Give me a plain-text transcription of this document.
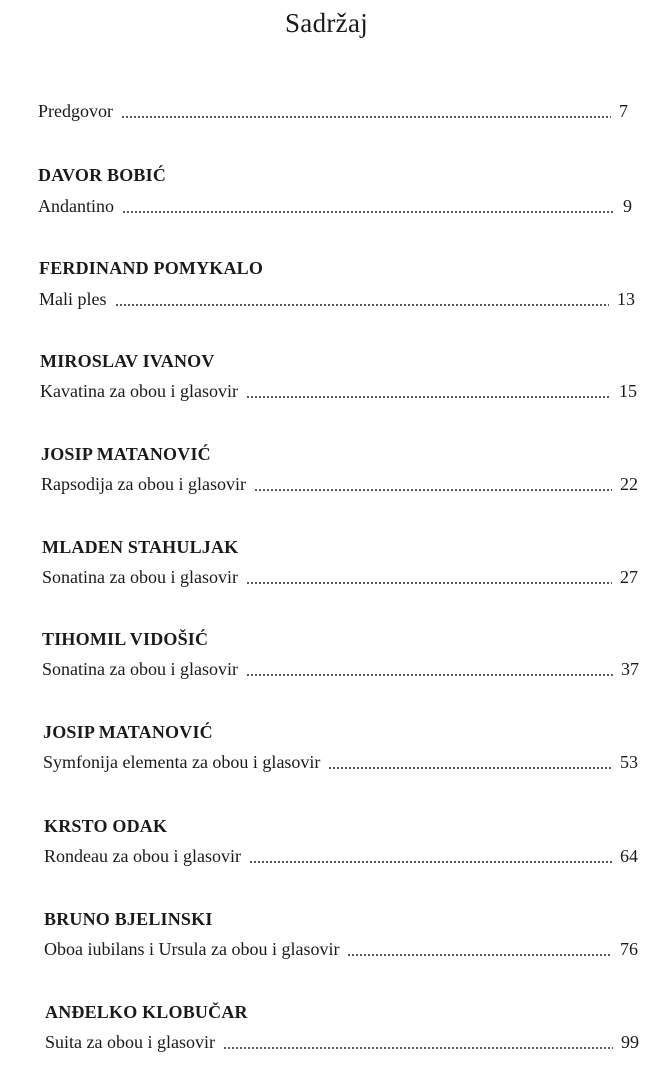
Sadržaj
Predgovor	7
DAVOR BOBIĆ
Andantino	9
FERDINAND POMYKALO
Mali ples	13
MIROSLAV IVANOV
Kavatina za obou i glasovir	15
JOSIP MATANOVIĆ
Rapsodija za obou i glasovir	22
MLADEN STAHULJAK
Sonatina za obou i glasovir	27
TIHOMIL VIDOŠIĆ
Sonatina za obou i glasovir	37
JOSIP MATANOVIĆ
Symfonija elementa za obou i glasovir	53
KRSTO ODAK
Rondeau za obou i glasovir	64
BRUNO BJELINSKI
Oboa iubilans i Ursula za obou i glasovir	76
ANĐELKO KLOBUČAR
Suita za obou i glasovir	99
